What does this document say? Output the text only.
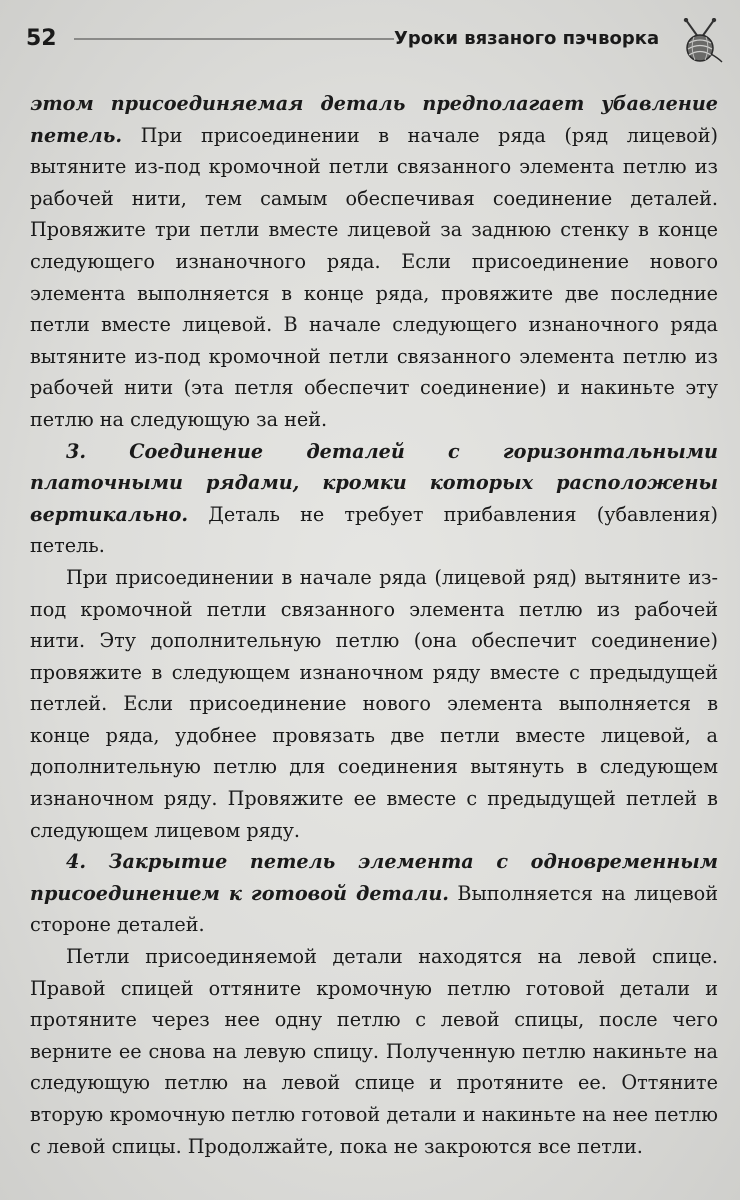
52	Уроки вязаного пэчворка

этом присоединяемая деталь предполагает убавление петель. При присоединении в начале ряда (ряд лицевой) вытяните из-под кромочной петли связанного элемента петлю из рабочей нити, тем самым обеспечивая соединение деталей. Провяжите три петли вместе лицевой за заднюю стенку в конце следующего изнаночного ряда. Если присоединение нового элемента выполняется в конце ряда, провяжите две последние петли вместе лицевой. В начале следующего изнаночного ряда вытяните из-под кромочной петли связанного элемента петлю из рабочей нити (эта петля обеспечит соединение) и накиньте эту петлю на следующую за ней.

3. Соединение деталей с горизонтальными платочными рядами, кромки которых расположены вертикально. Деталь не требует прибавления (убавления) петель.

При присоединении в начале ряда (лицевой ряд) вытяните из-под кромочной петли связанного элемента петлю из рабочей нити. Эту дополнительную петлю (она обеспечит соединение) провяжите в следующем изнаночном ряду вместе с предыдущей петлей. Если присоединение нового элемента выполняется в конце ряда, удобнее провязать две петли вместе лицевой, а дополнительную петлю для соединения вытянуть в следующем изнаночном ряду. Провяжите ее вместе с предыдущей петлей в следующем лицевом ряду.

4. Закрытие петель элемента с одновременным присоединением к готовой детали. Выполняется на лицевой стороне деталей.

Петли присоединяемой детали находятся на левой спице. Правой спицей оттяните кромочную петлю готовой детали и протяните через нее одну петлю с левой спицы, после чего верните ее снова на левую спицу. Полученную петлю накиньте на следующую петлю на левой спице и протяните ее. Оттяните вторую кромочную петлю готовой детали и накиньте на нее петлю с левой спицы. Продолжайте, пока не закроются все петли.
